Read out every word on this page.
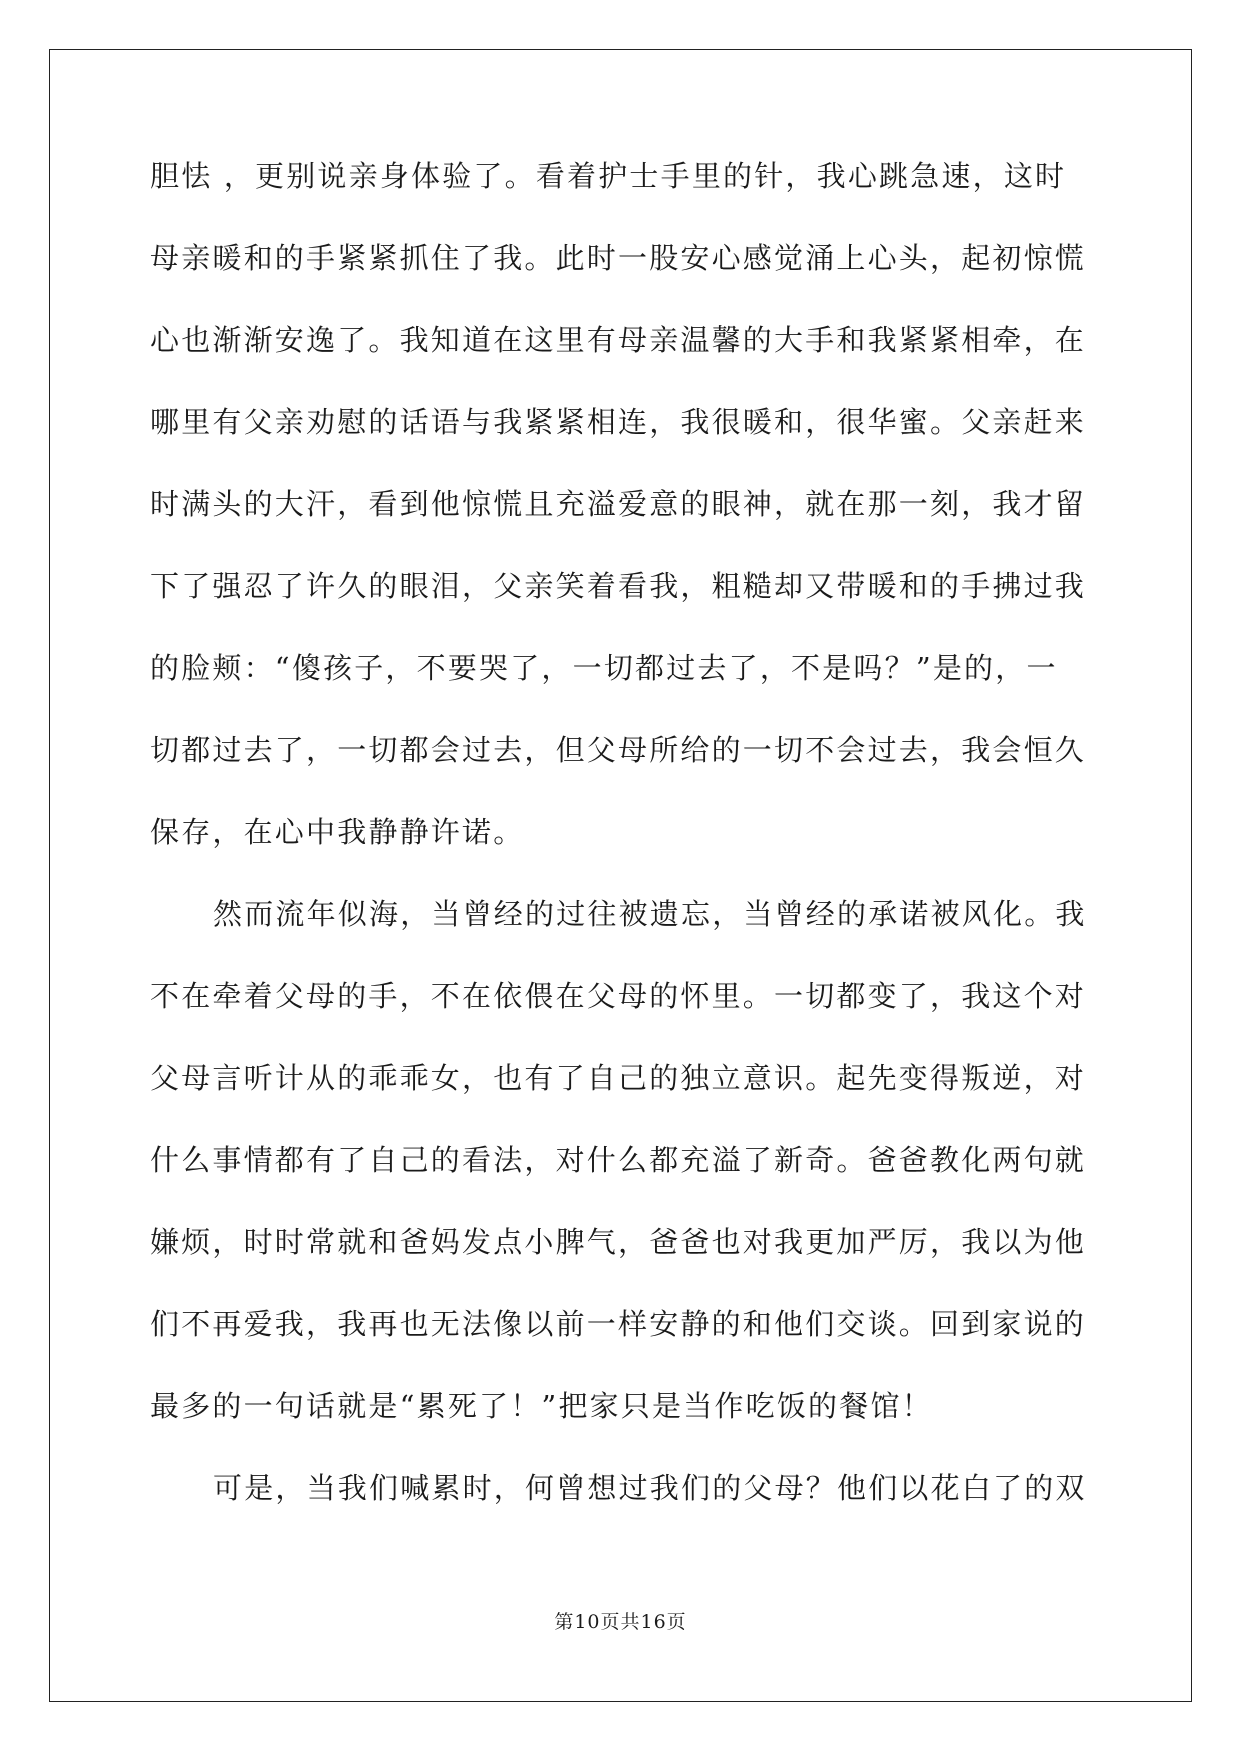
胆怯 ，更别说亲身体验了。看着护士手里的针，我心跳急速，这时
母亲暖和的手紧紧抓住了我。此时一股安心感觉涌上心头，起初惊慌
心也渐渐安逸了。我知道在这里有母亲温馨的大手和我紧紧相牵，在
哪里有父亲劝慰的话语与我紧紧相连，我很暖和，很华蜜。父亲赶来
时满头的大汗，看到他惊慌且充溢爱意的眼神，就在那一刻，我才留
下了强忍了许久的眼泪，父亲笑着看我，粗糙却又带暖和的手拂过我
的脸颊：“傻孩子，不要哭了，一切都过去了，不是吗？”是的，一
切都过去了，一切都会过去，但父母所给的一切不会过去，我会恒久
保存，在心中我静静许诺。
然而流年似海，当曾经的过往被遗忘，当曾经的承诺被风化。我
不在牵着父母的手，不在依偎在父母的怀里。一切都变了，我这个对
父母言听计从的乖乖女，也有了自己的独立意识。起先变得叛逆，对
什么事情都有了自己的看法，对什么都充溢了新奇。爸爸教化两句就
嫌烦，时时常就和爸妈发点小脾气，爸爸也对我更加严厉，我以为他
们不再爱我，我再也无法像以前一样安静的和他们交谈。回到家说的
最多的一句话就是“累死了！”把家只是当作吃饭的餐馆！
可是，当我们喊累时，何曾想过我们的父母？他们以花白了的双
第10页共16页
